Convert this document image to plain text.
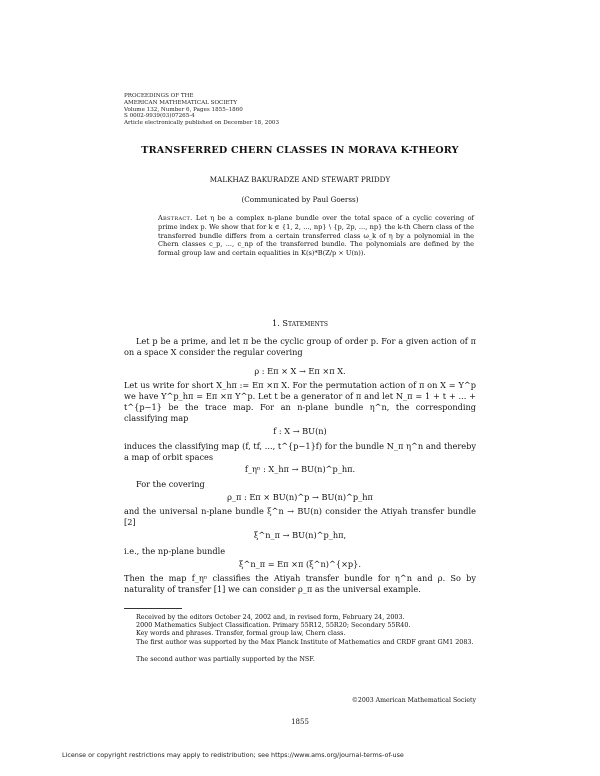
PROCEEDINGS OF THE
AMERICAN MATHEMATICAL SOCIETY
Volume 132, Number 6, Pages 1855–1860
S 0002-9939(03)07265-4
Article electronically published on December 18, 2003
TRANSFERRED CHERN CLASSES IN MORAVA K-THEORY
MALKHAZ BAKURADZE AND STEWART PRIDDY
(Communicated by Paul Goerss)
Abstract. Let η be a complex n-plane bundle over the total space of a cyclic covering of prime index p. We show that for k ∈ {1, 2, ..., np} \ {p, 2p, ..., np} the k-th Chern class of the transferred bundle differs from a certain transferred class ω_k of η by a polynomial in the Chern classes c_p, ..., c_np of the transferred bundle. The polynomials are defined by the formal group law and certain equalities in K(s)*B(Z/p × U(n)).
1. Statements
Let p be a prime, and let π be the cyclic group of order p. For a given action of π on a space X consider the regular covering
ρ : Eπ × X → Eπ ×π X.
Let us write for short X_hπ := Eπ ×π X. For the permutation action of π on X = Y^p we have Y^p_hπ = Eπ ×π Y^p. Let t be a generator of π and let N_π = 1 + t + ... + t^{p−1} be the trace map. For an n-plane bundle η^n, the corresponding classifying map
f : X → BU(n)
induces the classifying map (f, tf, ..., t^{p−1}f) for the bundle N_π η^n and thereby a map of orbit spaces
f_ηⁿ : X_hπ → BU(n)^p_hπ.
For the covering
ρ_π : Eπ × BU(n)^p → BU(n)^p_hπ
and the universal n-plane bundle ξ^n → BU(n) consider the Atiyah transfer bundle [2]
ξ^n_π → BU(n)^p_hπ,
i.e., the np-plane bundle
ξ^n_π = Eπ ×π (ξ^n)^{×p}.
Then the map f_ηⁿ classifies the Atiyah transfer bundle for η^n and ρ. So by naturality of transfer [1] we can consider ρ_π as the universal example.
Received by the editors October 24, 2002 and, in revised form, February 24, 2003.
2000 Mathematics Subject Classification. Primary 55R12, 55R20; Secondary 55R40.
Key words and phrases. Transfer, formal group law, Chern class.
The first author was supported by the Max Planck Institute of Mathematics and CRDF grant GM1 2083.
The second author was partially supported by the NSF.
©2003 American Mathematical Society
1855
License or copyright restrictions may apply to redistribution; see https://www.ams.org/journal-terms-of-use
